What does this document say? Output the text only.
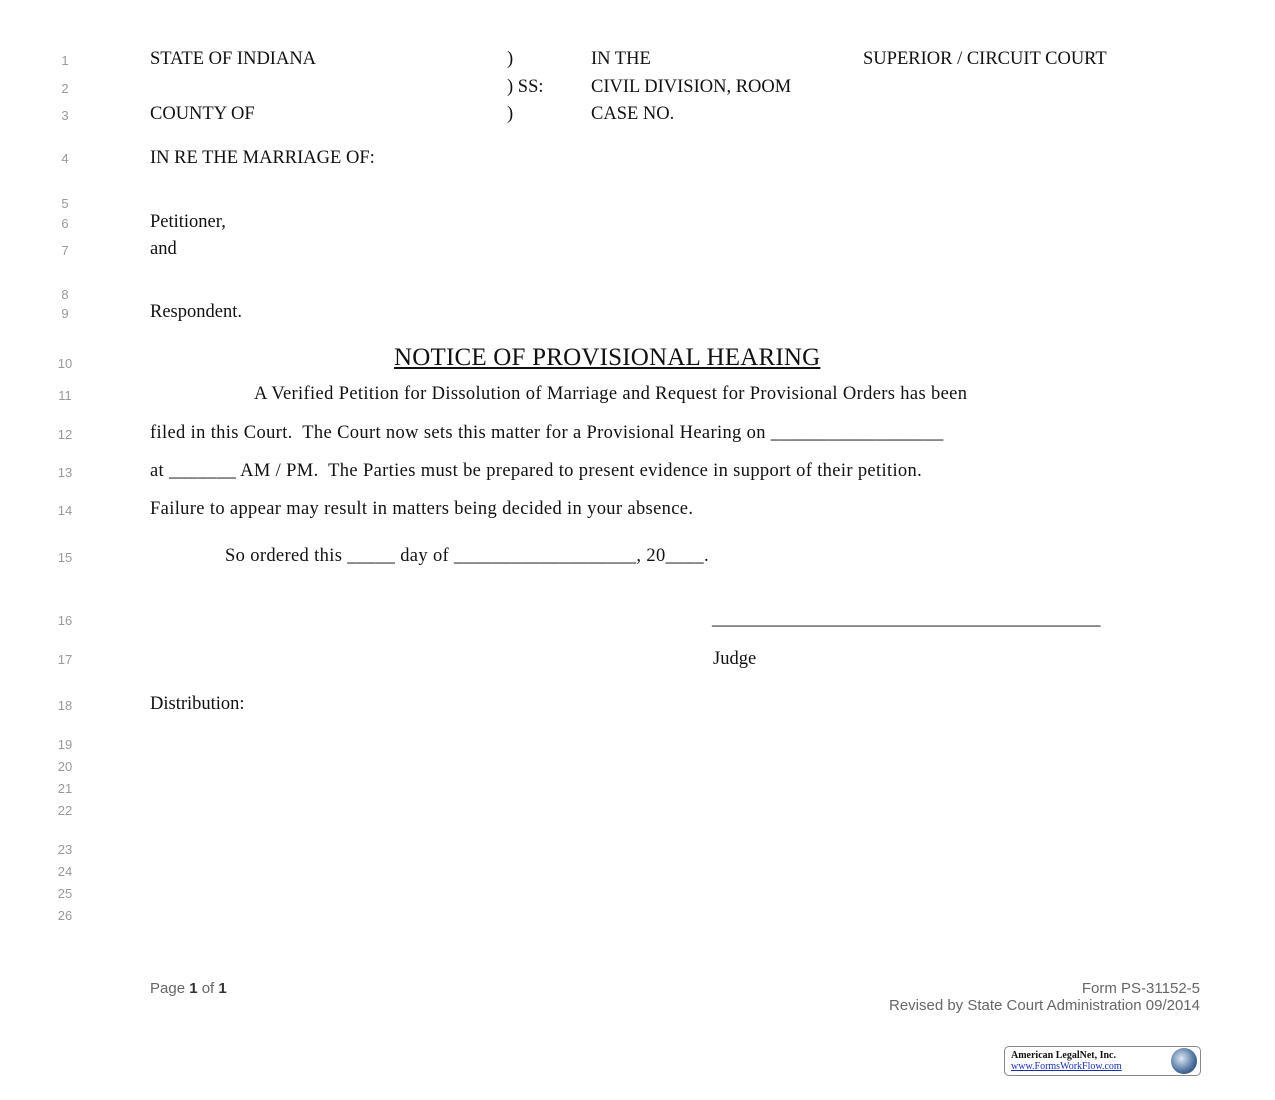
1
2
3
4
5
6
7
8
9
10
11
12
13
14
15
16
17
18
19
20
21
22
23
24
25
26
STATE OF INDIANA	)	IN THE	SUPERIOR / CIRCUIT COURT
) SS:	CIVIL DIVISION, ROOM
COUNTY OF	)	CASE NO.
IN RE THE MARRIAGE OF:
Petitioner,
and
Respondent.
NOTICE OF PROVISIONAL HEARING
A Verified Petition for Dissolution of Marriage and Request for Provisional Orders has been
filed in this Court.  The Court now sets this matter for a Provisional Hearing on __________________
at _______ AM / PM.  The Parties must be prepared to present evidence in support of their petition.
Failure to appear may result in matters being decided in your absence.
So ordered this _____ day of ___________________, 20____.
__________________________________________
Judge
Distribution:
Page 1 of 1	Form PS-31152-5
Revised by State Court Administration 09/2014
American LegalNet, Inc.
www.FormsWorkFlow.com
